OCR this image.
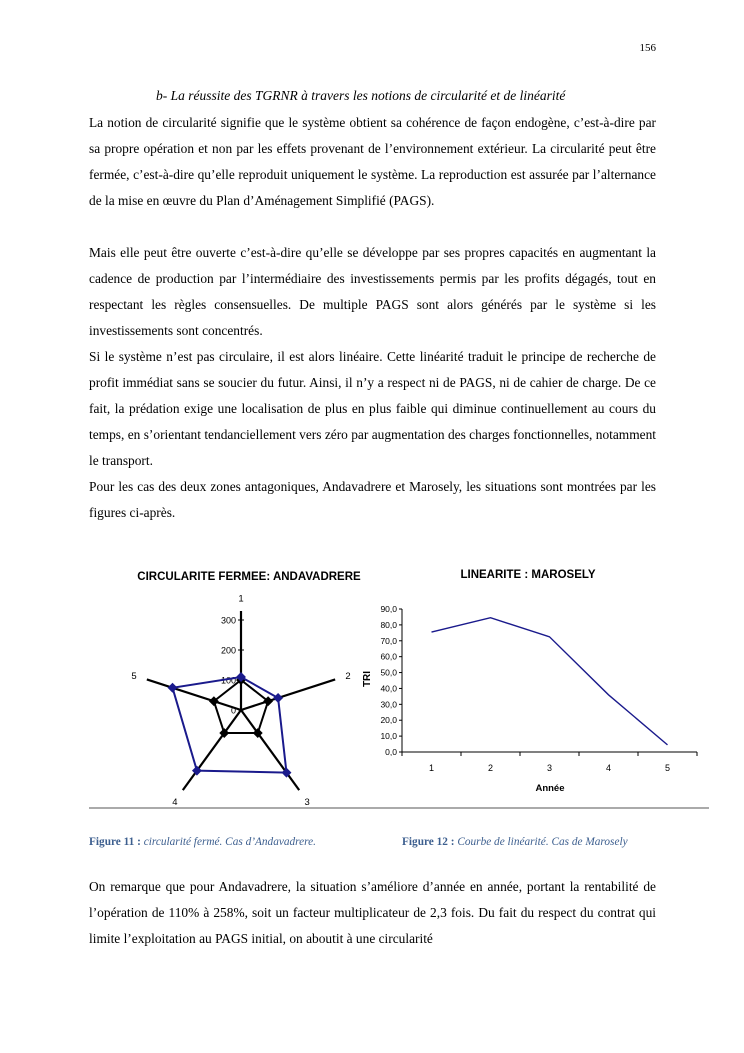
156
b- La réussite des TGRNR à travers les notions de circularité et de linéarité

La notion de circularité signifie que le système obtient sa cohérence de façon endogène, c’est-à-dire par sa propre opération et non par les effets provenant de l’environnement extérieur. La circularité peut être fermée, c’est-à-dire qu’elle reproduit uniquement le système. La reproduction est assurée par l’alternance de la mise en œuvre du Plan d’Aménagement Simplifié (PAGS).

Mais elle peut être ouverte c’est-à-dire qu’elle se développe par ses propres capacités en augmentant la cadence de production par l’intermédiaire des investissements permis par les profits dégagés, tout en respectant les règles consensuelles. De multiple PAGS sont alors générés par le système si les investissements sont concentrés.

Si le système n’est pas circulaire, il est alors linéaire. Cette linéarité traduit le principe de recherche de profit immédiat sans se soucier du futur. Ainsi, il n’y a respect ni de PAGS, ni de cahier de charge. De ce fait, la prédation exige une localisation de plus en plus faible qui diminue continuellement au cours du temps, en s’orientant tendanciellement vers zéro par augmentation des charges fonctionnelles, notamment le transport.

Pour les cas des deux zones antagoniques, Andavadrere et Marosely, les situations sont montrées par les figures ci-après.

CIRCULARITE FERMEE: ANDAVADRERE
1
2
3
4
5
300
200
100
0
LINEARITE : MAROSELY
TRI
Année
0,0
10,0
20,0
30,0
40,0
50,0
60,0
70,0
80,0
90,0
1	2	3	4	5
Figure 11 : circularité fermé. Cas d’Andavadrere.	Figure 12 : Courbe de linéarité. Cas de Marosely

On remarque que pour Andavadrere, la situation s’améliore d’année en année, portant la rentabilité de l’opération de 110% à 258%, soit un facteur multiplicateur de 2,3 fois. Du fait du respect du contrat qui limite l’exploitation au PAGS initial, on aboutit à une circularité
